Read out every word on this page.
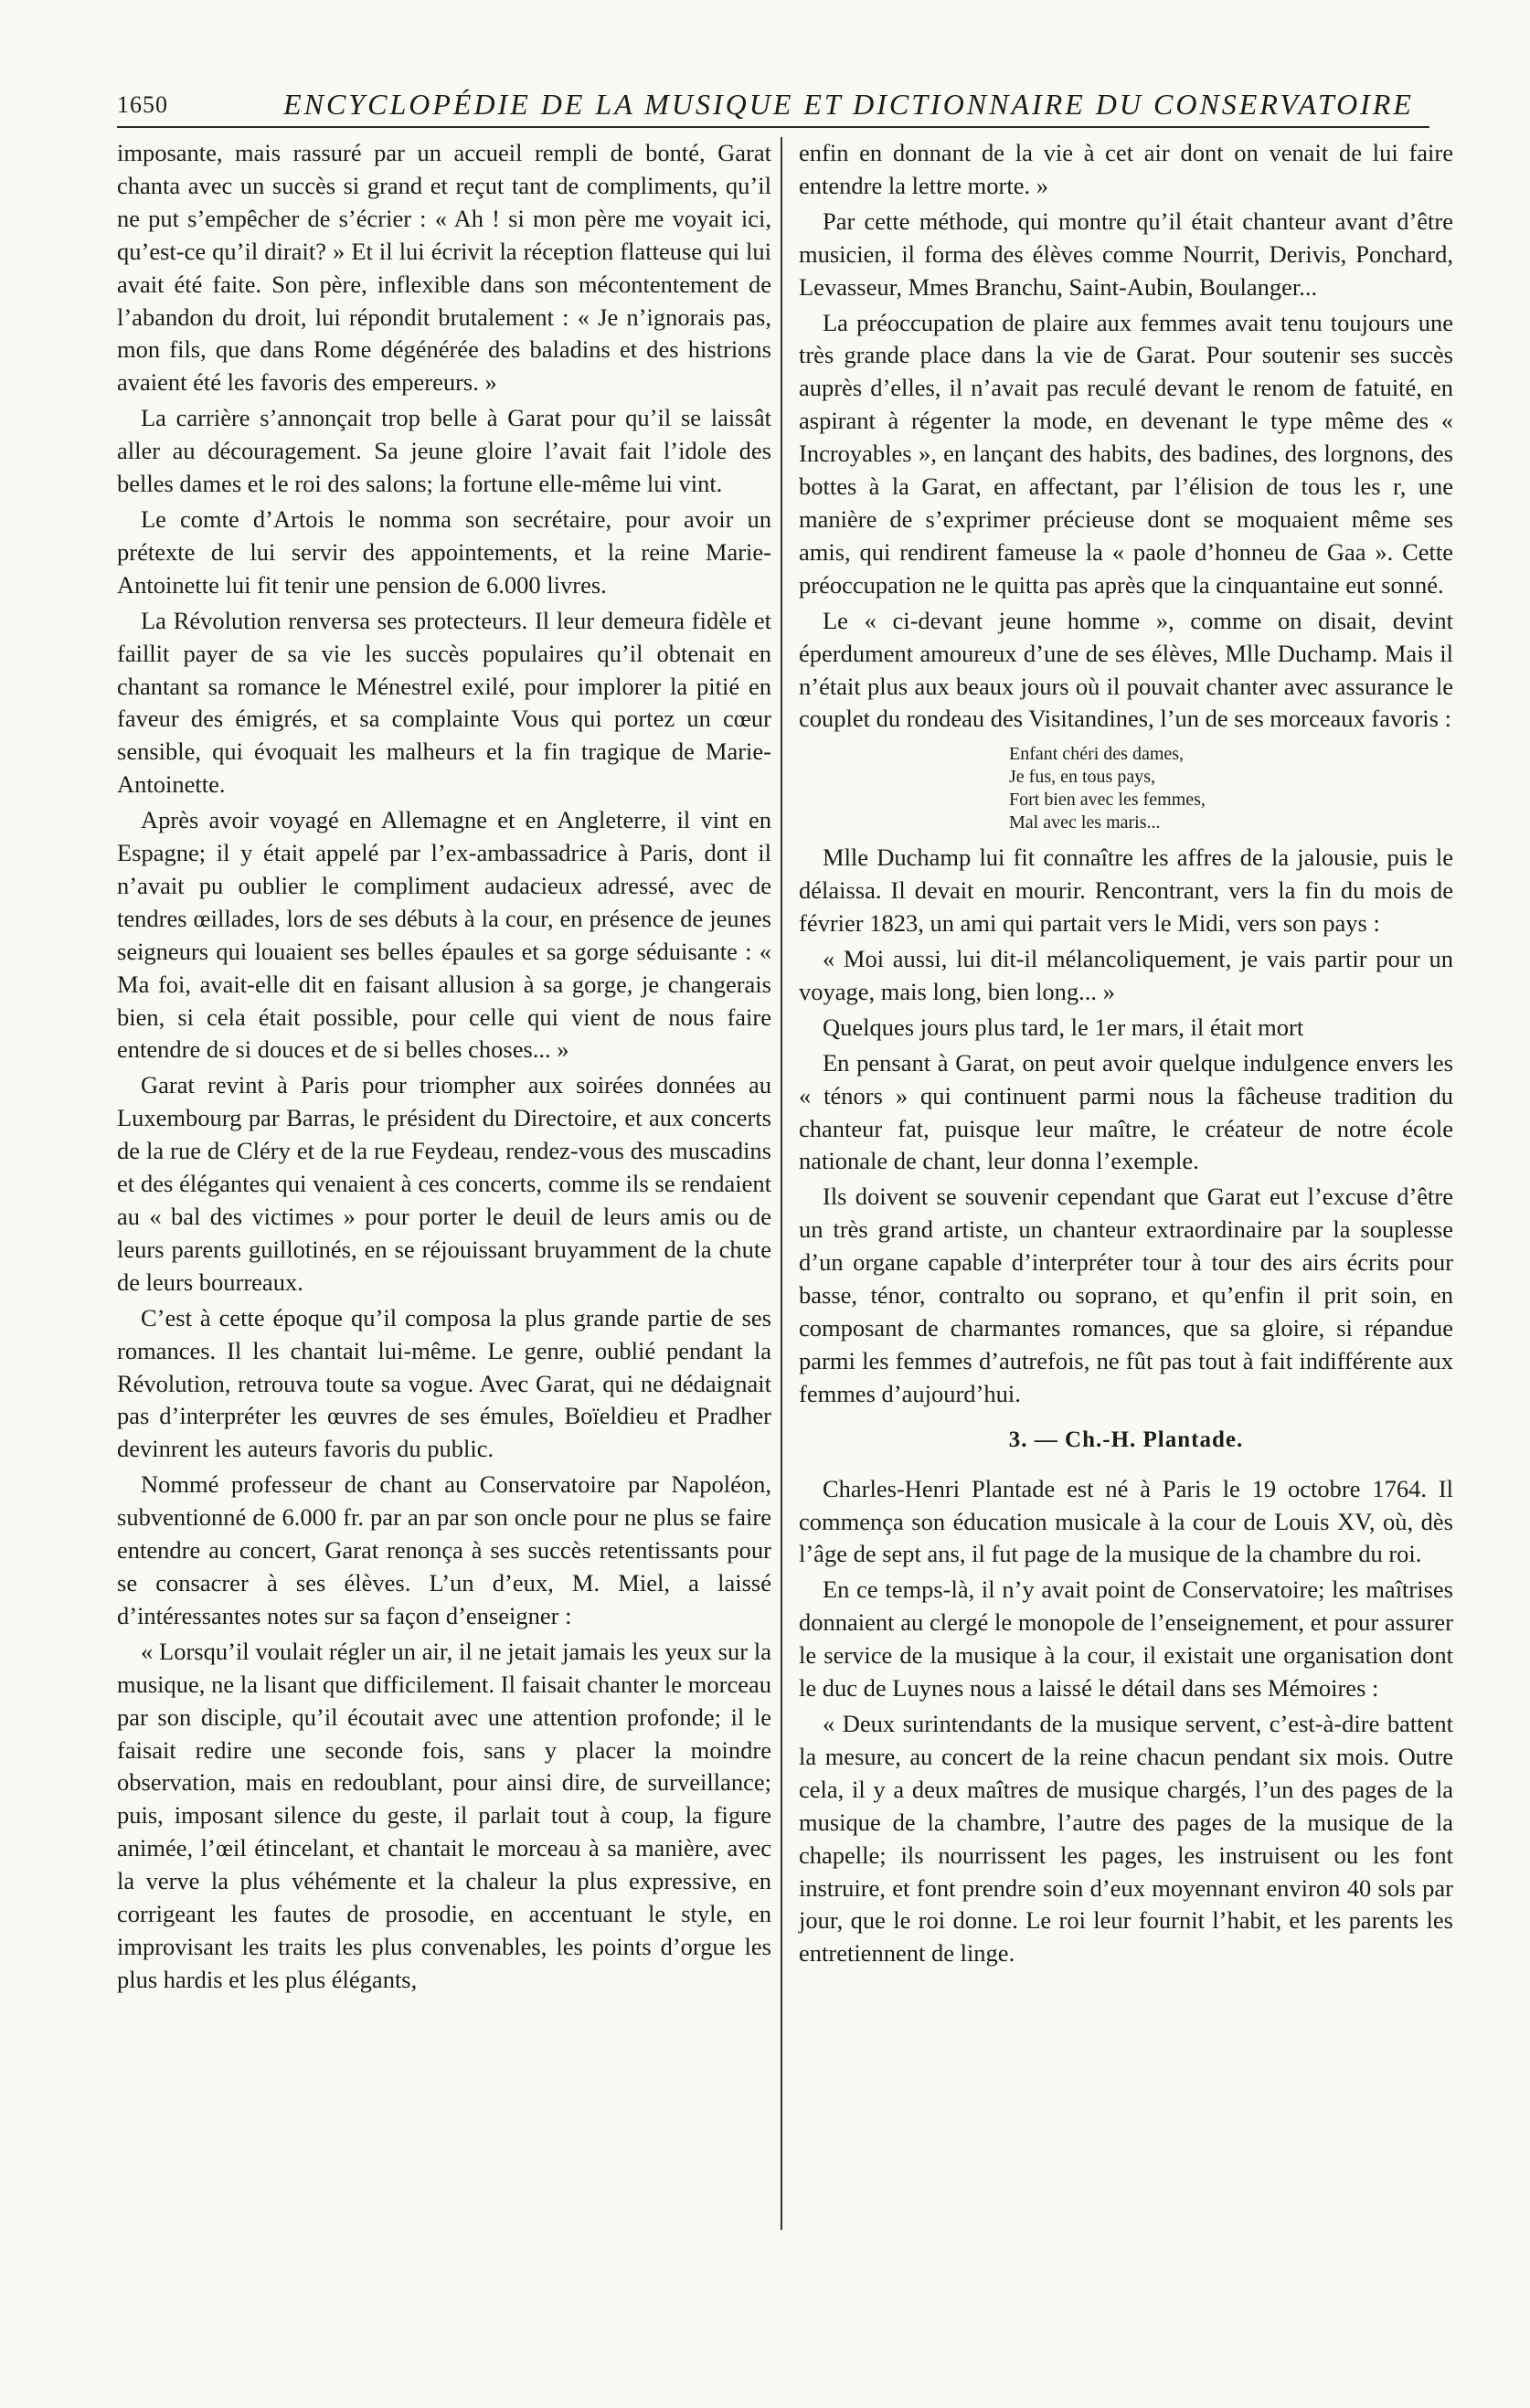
1650	ENCYCLOPÉDIE DE LA MUSIQUE ET DICTIONNAIRE DU CONSERVATOIRE

imposante, mais rassuré par un accueil rempli de bonté, Garat chanta avec un succès si grand et reçut tant de compliments, qu’il ne put s’empêcher de s’écrier : « Ah ! si mon père me voyait ici, qu’est-ce qu’il dirait? » Et il lui écrivit la réception flatteuse qui lui avait été faite. Son père, inflexible dans son mécontentement de l’abandon du droit, lui répondit brutalement : « Je n’ignorais pas, mon fils, que dans Rome dégénérée des baladins et des histrions avaient été les favoris des empereurs. »

La carrière s’annonçait trop belle à Garat pour qu’il se laissât aller au découragement. Sa jeune gloire l’avait fait l’idole des belles dames et le roi des salons; la fortune elle-même lui vint.

Le comte d’Artois le nomma son secrétaire, pour avoir un prétexte de lui servir des appointements, et la reine Marie-Antoinette lui fit tenir une pension de 6.000 livres.

La Révolution renversa ses protecteurs. Il leur demeura fidèle et faillit payer de sa vie les succès populaires qu’il obtenait en chantant sa romance le Ménestrel exilé, pour implorer la pitié en faveur des émigrés, et sa complainte Vous qui portez un cœur sensible, qui évoquait les malheurs et la fin tragique de Marie-Antoinette.

Après avoir voyagé en Allemagne et en Angleterre, il vint en Espagne; il y était appelé par l’ex-ambassadrice à Paris, dont il n’avait pu oublier le compliment audacieux adressé, avec de tendres œillades, lors de ses débuts à la cour, en présence de jeunes seigneurs qui louaient ses belles épaules et sa gorge séduisante : « Ma foi, avait-elle dit en faisant allusion à sa gorge, je changerais bien, si cela était possible, pour celle qui vient de nous faire entendre de si douces et de si belles choses... »

Garat revint à Paris pour triompher aux soirées données au Luxembourg par Barras, le président du Directoire, et aux concerts de la rue de Cléry et de la rue Feydeau, rendez-vous des muscadins et des élégantes qui venaient à ces concerts, comme ils se rendaient au « bal des victimes » pour porter le deuil de leurs amis ou de leurs parents guillotinés, en se réjouissant bruyamment de la chute de leurs bourreaux.

C’est à cette époque qu’il composa la plus grande partie de ses romances. Il les chantait lui-même. Le genre, oublié pendant la Révolution, retrouva toute sa vogue. Avec Garat, qui ne dédaignait pas d’interpréter les œuvres de ses émules, Boïeldieu et Pradher devinrent les auteurs favoris du public.

Nommé professeur de chant au Conservatoire par Napoléon, subventionné de 6.000 fr. par an par son oncle pour ne plus se faire entendre au concert, Garat renonça à ses succès retentissants pour se consacrer à ses élèves. L’un d’eux, M. Miel, a laissé d’intéressantes notes sur sa façon d’enseigner :

« Lorsqu’il voulait régler un air, il ne jetait jamais les yeux sur la musique, ne la lisant que difficilement. Il faisait chanter le morceau par son disciple, qu’il écoutait avec une attention profonde; il le faisait redire une seconde fois, sans y placer la moindre observation, mais en redoublant, pour ainsi dire, de surveillance; puis, imposant silence du geste, il parlait tout à coup, la figure animée, l’œil étincelant, et chantait le morceau à sa manière, avec la verve la plus véhémente et la chaleur la plus expressive, en corrigeant les fautes de prosodie, en accentuant le style, en improvisant les traits les plus convenables, les points d’orgue les plus hardis et les plus élégants,

enfin en donnant de la vie à cet air dont on venait de lui faire entendre la lettre morte. »

Par cette méthode, qui montre qu’il était chanteur avant d’être musicien, il forma des élèves comme Nourrit, Derivis, Ponchard, Levasseur, Mmes Branchu, Saint-Aubin, Boulanger...

La préoccupation de plaire aux femmes avait tenu toujours une très grande place dans la vie de Garat. Pour soutenir ses succès auprès d’elles, il n’avait pas reculé devant le renom de fatuité, en aspirant à régenter la mode, en devenant le type même des « Incroyables », en lançant des habits, des badines, des lorgnons, des bottes à la Garat, en affectant, par l’élision de tous les r, une manière de s’exprimer précieuse dont se moquaient même ses amis, qui rendirent fameuse la « paole d’honneu de Gaa ». Cette préoccupation ne le quitta pas après que la cinquantaine eut sonné.

Le « ci-devant jeune homme », comme on disait, devint éperdument amoureux d’une de ses élèves, Mlle Duchamp. Mais il n’était plus aux beaux jours où il pouvait chanter avec assurance le couplet du rondeau des Visitandines, l’un de ses morceaux favoris :

Enfant chéri des dames,
Je fus, en tous pays,
Fort bien avec les femmes,
Mal avec les maris...

Mlle Duchamp lui fit connaître les affres de la jalousie, puis le délaissa. Il devait en mourir. Rencontrant, vers la fin du mois de février 1823, un ami qui partait vers le Midi, vers son pays :

« Moi aussi, lui dit-il mélancoliquement, je vais partir pour un voyage, mais long, bien long... »

Quelques jours plus tard, le 1er mars, il était mort

En pensant à Garat, on peut avoir quelque indulgence envers les « ténors » qui continuent parmi nous la fâcheuse tradition du chanteur fat, puisque leur maître, le créateur de notre école nationale de chant, leur donna l’exemple.

Ils doivent se souvenir cependant que Garat eut l’excuse d’être un très grand artiste, un chanteur extraordinaire par la souplesse d’un organe capable d’interpréter tour à tour des airs écrits pour basse, ténor, contralto ou soprano, et qu’enfin il prit soin, en composant de charmantes romances, que sa gloire, si répandue parmi les femmes d’autrefois, ne fût pas tout à fait indifférente aux femmes d’aujourd’hui.

3. — Ch.-H. Plantade.

Charles-Henri Plantade est né à Paris le 19 octobre 1764. Il commença son éducation musicale à la cour de Louis XV, où, dès l’âge de sept ans, il fut page de la musique de la chambre du roi.

En ce temps-là, il n’y avait point de Conservatoire; les maîtrises donnaient au clergé le monopole de l’enseignement, et pour assurer le service de la musique à la cour, il existait une organisation dont le duc de Luynes nous a laissé le détail dans ses Mémoires :

« Deux surintendants de la musique servent, c’est-à-dire battent la mesure, au concert de la reine chacun pendant six mois. Outre cela, il y a deux maîtres de musique chargés, l’un des pages de la musique de la chambre, l’autre des pages de la musique de la chapelle; ils nourrissent les pages, les instruisent ou les font instruire, et font prendre soin d’eux moyennant environ 40 sols par jour, que le roi donne. Le roi leur fournit l’habit, et les parents les entretiennent de linge.
